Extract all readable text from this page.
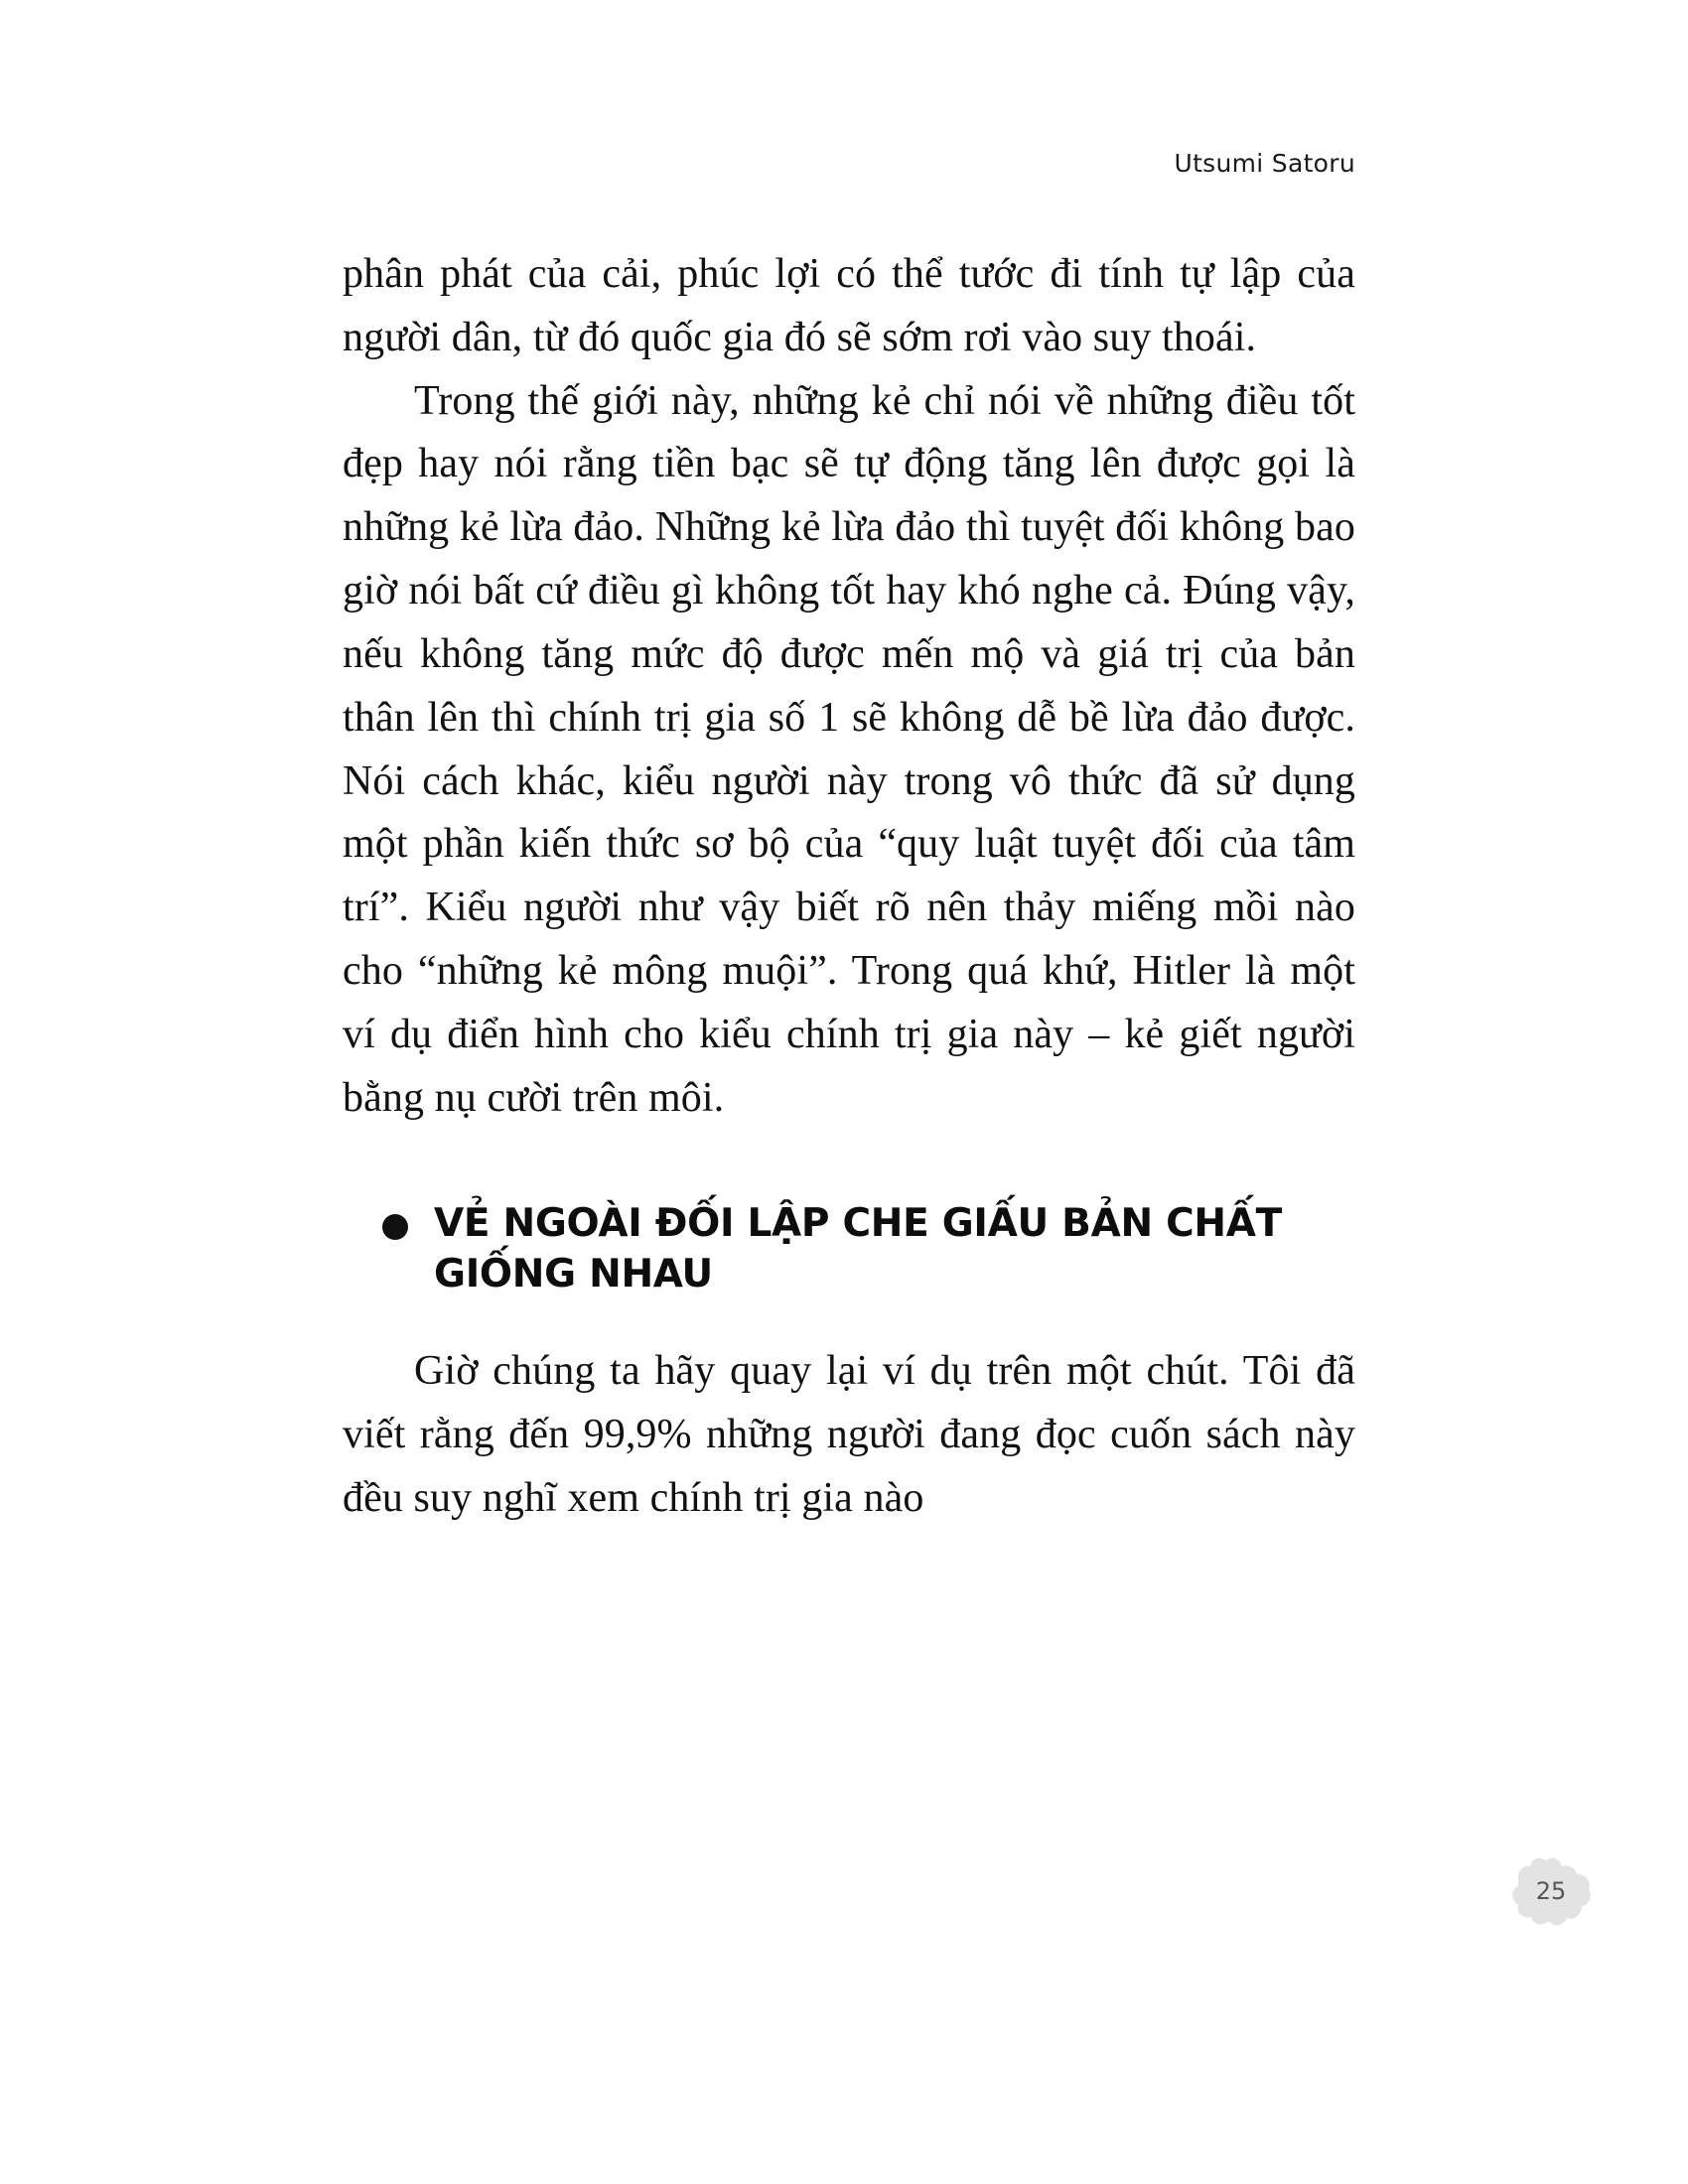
Utsumi Satoru

phân phát của cải, phúc lợi có thể tước đi tính tự lập của người dân, từ đó quốc gia đó sẽ sớm rơi vào suy thoái.

Trong thế giới này, những kẻ chỉ nói về những điều tốt đẹp hay nói rằng tiền bạc sẽ tự động tăng lên được gọi là những kẻ lừa đảo. Những kẻ lừa đảo thì tuyệt đối không bao giờ nói bất cứ điều gì không tốt hay khó nghe cả. Đúng vậy, nếu không tăng mức độ được mến mộ và giá trị của bản thân lên thì chính trị gia số 1 sẽ không dễ bề lừa đảo được. Nói cách khác, kiểu người này trong vô thức đã sử dụng một phần kiến thức sơ bộ của “quy luật tuyệt đối của tâm trí”. Kiểu người như vậy biết rõ nên thảy miếng mồi nào cho “những kẻ mông muội”. Trong quá khứ, Hitler là một ví dụ điển hình cho kiểu chính trị gia này – kẻ giết người bằng nụ cười trên môi.

VẺ NGOÀI ĐỐI LẬP CHE GIẤU BẢN CHẤT GIỐNG NHAU

Giờ chúng ta hãy quay lại ví dụ trên một chút. Tôi đã viết rằng đến 99,9% những người đang đọc cuốn sách này đều suy nghĩ xem chính trị gia nào

25
